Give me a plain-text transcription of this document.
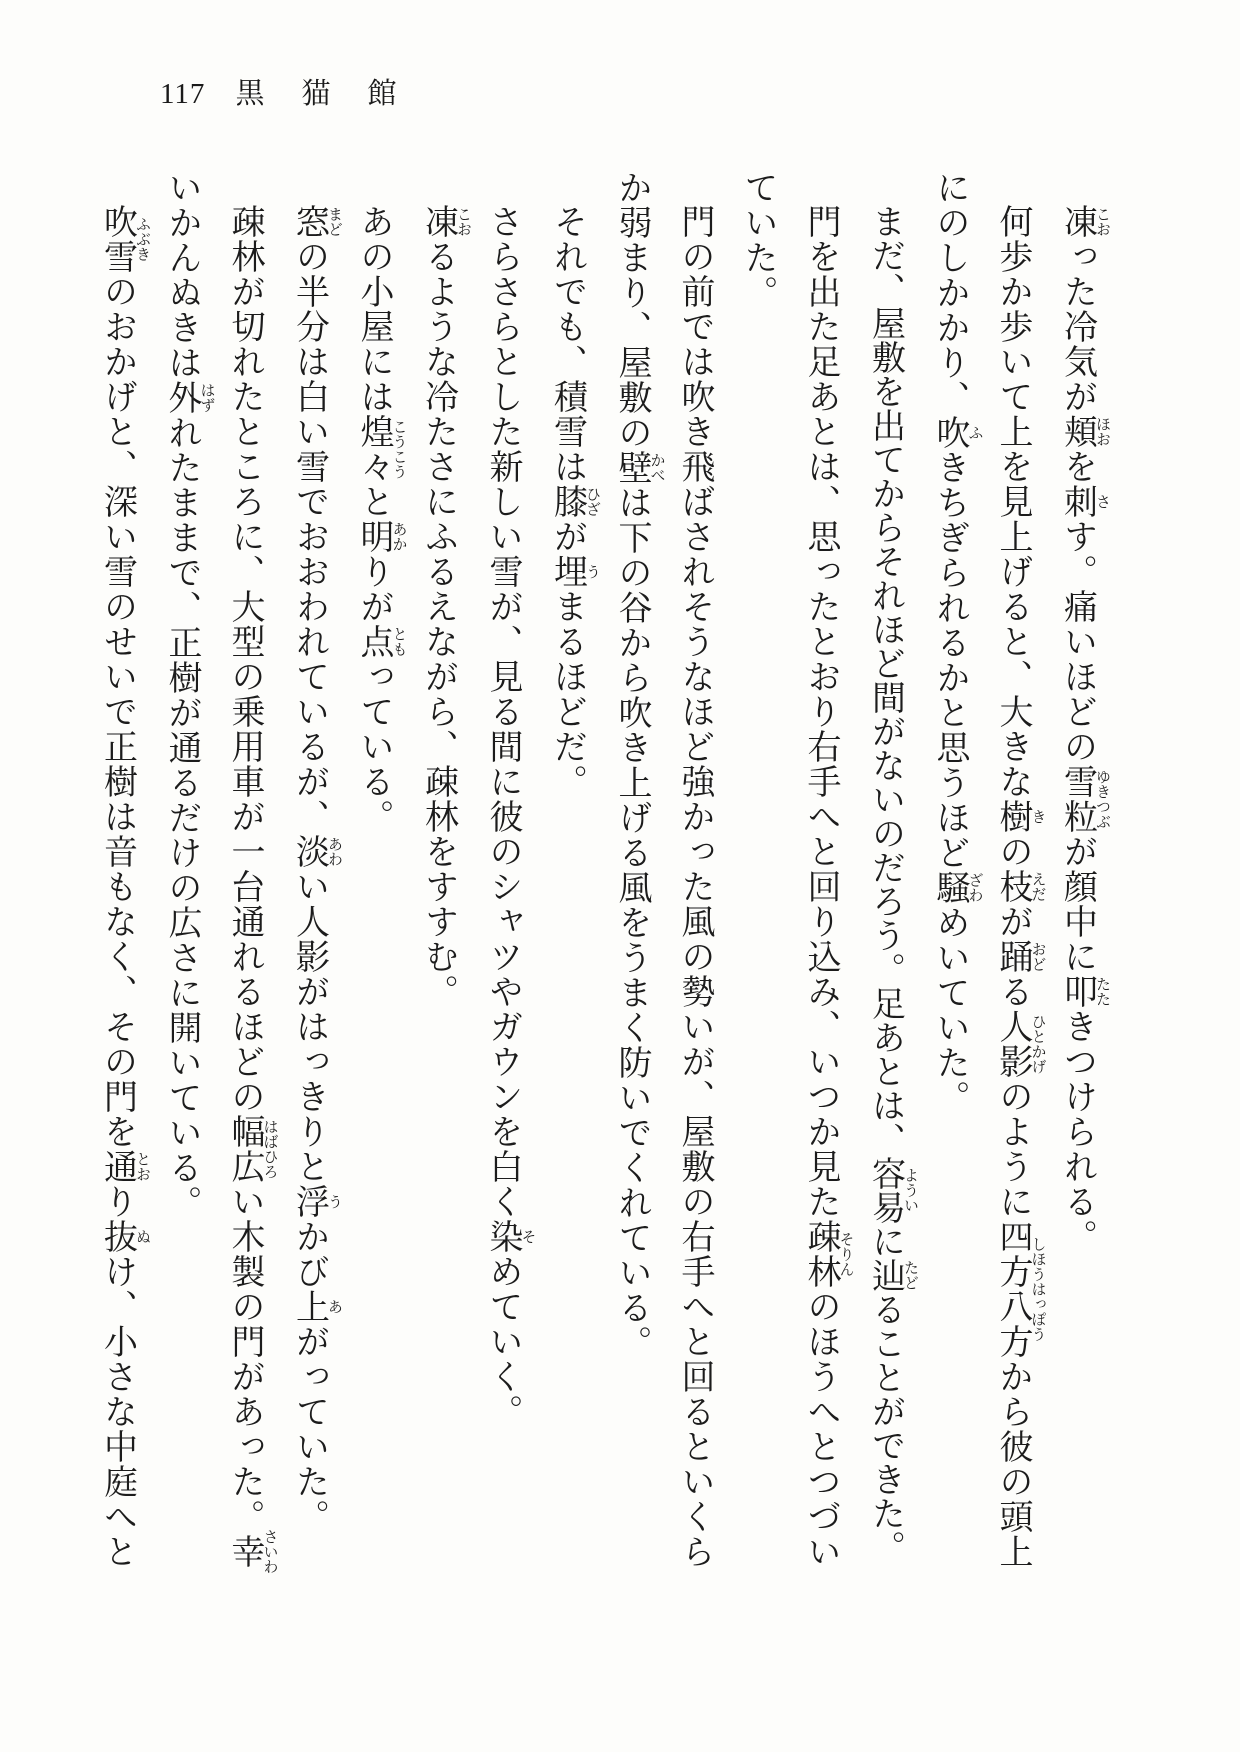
117 黒　猫　館

凍こおった冷気が頬ほおを刺さす。痛いほどの雪粒ゆきつぶが顔中に叩たたきつけられる。

何歩か歩いて上を見上げると、大きな樹きの枝えだが踊おどる人影ひとかげのように四方八方しほうはっぽうから彼の頭上にのしかかり、吹ふきちぎられるかと思うほど騒ざわめいていた。

まだ、屋敷を出てからそれほど間がないのだろう。足あとは、容易よういに辿たどることができた。

門を出た足あとは、思ったとおり右手へと回り込み、いつか見た疎林そりんのほうへとつづいていた。

門の前では吹き飛ばされそうなほど強かった風の勢いが、屋敷の右手へと回るといくらか弱まり、屋敷の壁かべは下の谷から吹き上げる風をうまく防いでくれている。

それでも、積雪は膝ひざが埋うまるほどだ。

さらさらとした新しい雪が、見る間に彼のシャツやガウンを白く染そめていく。

凍こおるような冷たさにふるえながら、疎林をすすむ。

あの小屋には煌々こうこうと明あかりが点ともっている。

窓まどの半分は白い雪でおおわれているが、淡あわい人影がはっきりと浮うかび上あがっていた。

疎林が切れたところに、大型の乗用車が一台通れるほどの幅広はばひろい木製の門があった。幸さいわいかんぬきは外はずれたままで、正樹が通るだけの広さに開いている。

吹雪ふぶきのおかげと、深い雪のせいで正樹は音もなく、その門を通とおり抜ぬけ、小さな中庭へと
